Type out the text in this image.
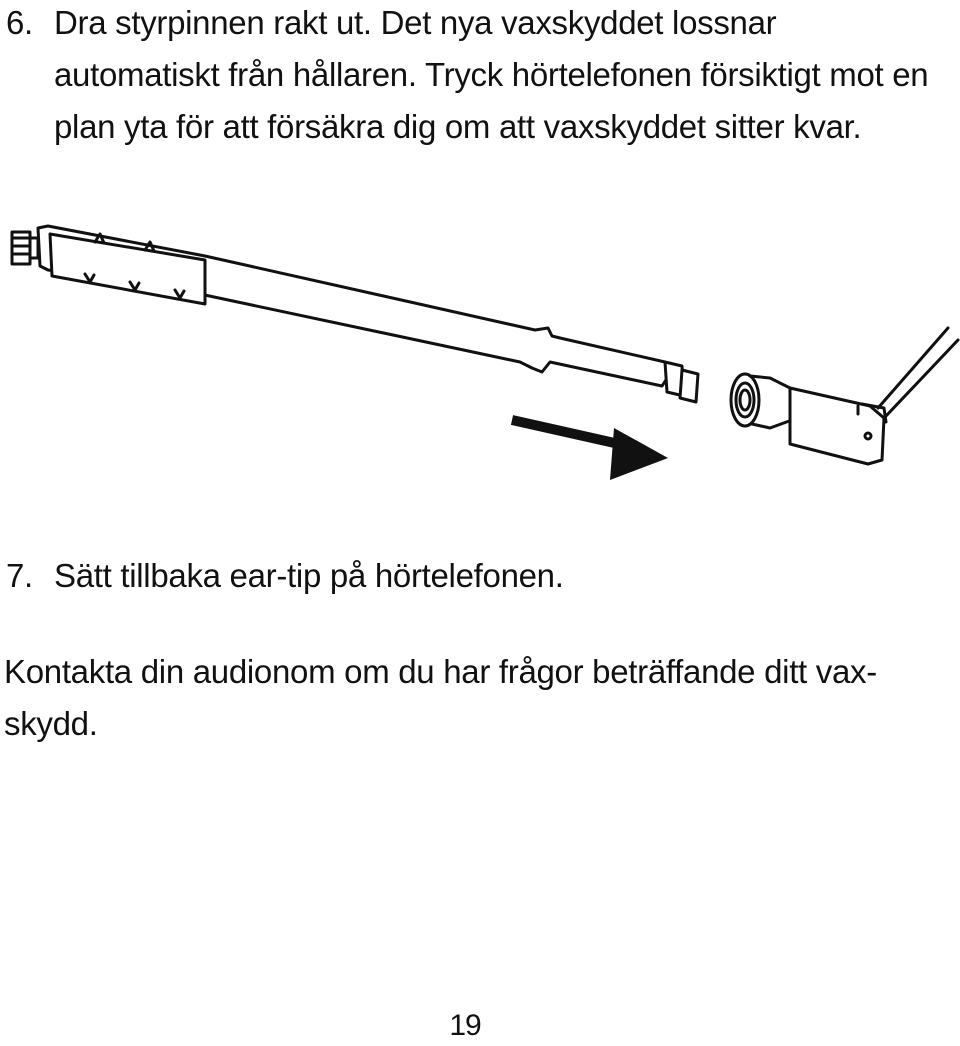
6. Dra styrpinnen rakt ut. Det nya vaxskyddet lossnar automatiskt från hållaren. Tryck hörtelefonen försiktigt mot en plan yta för att försäkra dig om att vaxskyddet sitter kvar.
7. Sätt tillbaka ear-tip på hörtelefonen.
Kontakta din audionom om du har frågor beträffande ditt vax-skydd.
19
